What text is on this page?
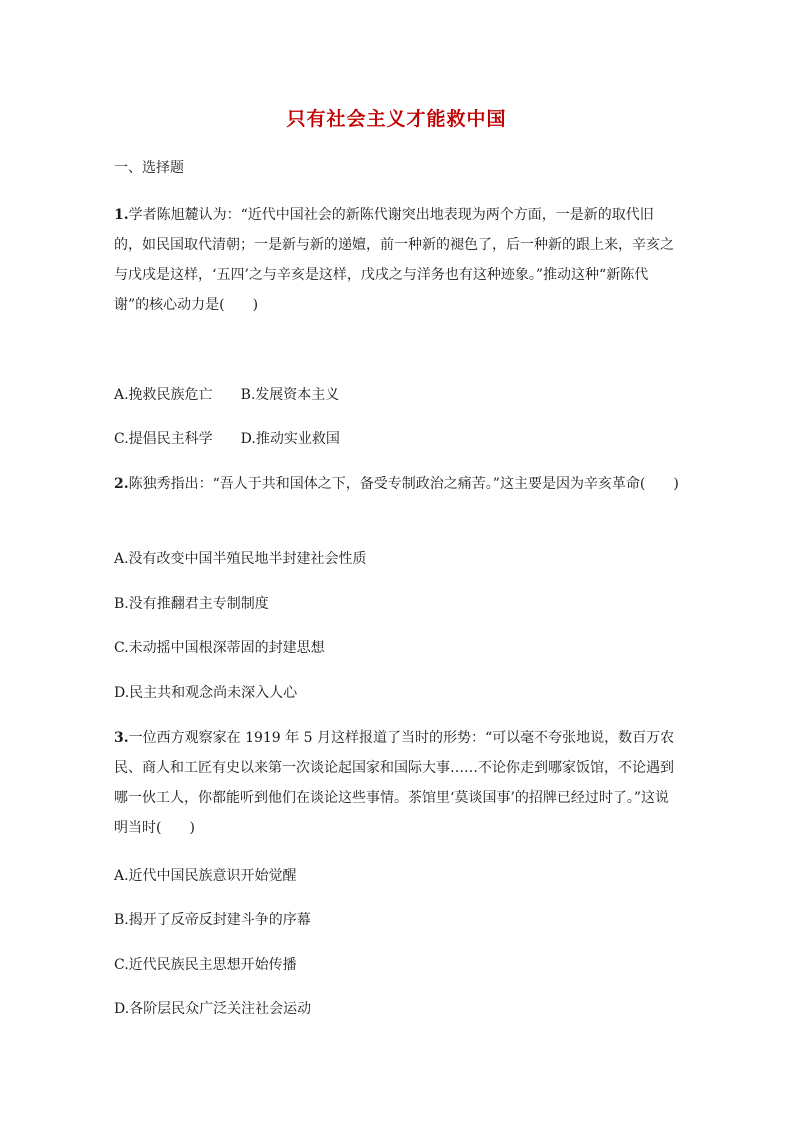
只有社会主义才能救中国
一、选择题
1.学者陈旭麓认为：“近代中国社会的新陈代谢突出地表现为两个方面，一是新的取代旧的，如民国取代清朝；一是新与新的递嬗，前一种新的褪色了，后一种新的跟上来，辛亥之与戊戌是这样，‘五四’之与辛亥是这样，戊戌之与洋务也有这种迹象。”推动这种“新陈代谢”的核心动力是(　　)
A.挽救民族危亡 B.发展资本主义
C.提倡民主科学 D.推动实业救国
2.陈独秀指出：“吾人于共和国体之下，备受专制政治之痛苦。”这主要是因为辛亥革命(　　)
A.没有改变中国半殖民地半封建社会性质
B.没有推翻君主专制制度
C.未动摇中国根深蒂固的封建思想
D.民主共和观念尚未深入人心
3.一位西方观察家在 1919 年 5 月这样报道了当时的形势：“可以毫不夸张地说，数百万农民、商人和工匠有史以来第一次谈论起国家和国际大事……不论你走到哪家饭馆，不论遇到哪一伙工人，你都能听到他们在谈论这些事情。茶馆里‘莫谈国事’的招牌已经过时了。”这说明当时(　　)
A.近代中国民族意识开始觉醒
B.揭开了反帝反封建斗争的序幕
C.近代民族民主思想开始传播
D.各阶层民众广泛关注社会运动
